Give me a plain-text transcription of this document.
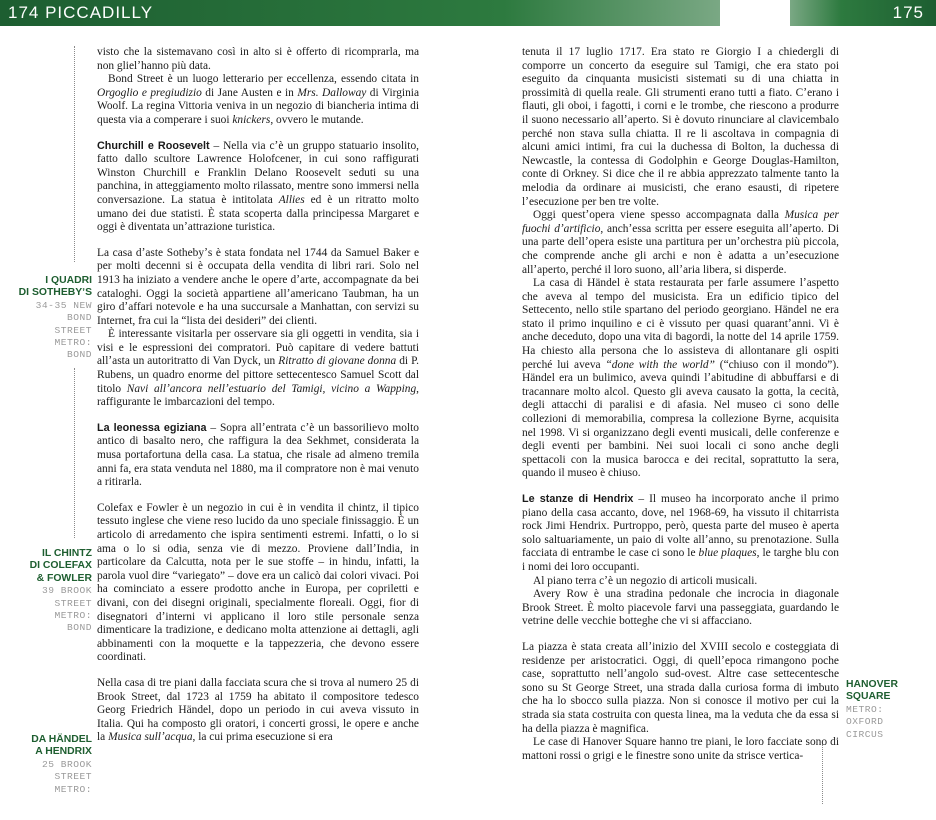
174 PICCADILLY	175
I QUADRI
DI SOTHEBYʼS
34-35 NEW
BOND
STREET
METRO:
BOND
IL CHINTZ
DI COLEFAX
& FOWLER
39 BROOK
STREET
METRO:
BOND
DA HÄNDEL
A HENDRIX
25 BROOK
STREET
METRO:
HANOVER
SQUARE
METRO:
OXFORD
CIRCUS

visto che la sistemavano così in alto si è offerto di ricomprarla, ma non glielʼhanno più data.

Bond Street è un luogo letterario per eccellenza, essendo citata in Orgoglio e pregiudizio di Jane Austen e in Mrs. Dalloway di Virginia Woolf. La regina Vittoria veniva in un negozio di biancheria intima di questa via a comperare i suoi knickers, ovvero le mutande.

Churchill e Roosevelt – Nella via cʼè un gruppo statuario insolito, fatto dallo scultore Lawrence Holofcener, in cui sono raffigurati Winston Churchill e Franklin Delano Roosevelt seduti su una panchina, in atteggiamento molto rilassato, mentre sono immersi nella conversazione. La statua è intitolata Allies ed è un ritratto molto umano dei due statisti. È stata scoperta dalla principessa Margaret e oggi è diventata unʼattrazione turistica.

La casa dʼaste Sothebyʼs è stata fondata nel 1744 da Samuel Baker e per molti decenni si è occupata della vendita di libri rari. Solo nel 1913 ha iniziato a vendere anche le opere dʼarte, accompagnate da bei cataloghi. Oggi la società appartiene allʼamericano Taubman, ha un giro dʼaffari notevole e ha una succursale a Manhattan, con servizi su Internet, fra cui la “lista dei desideri” dei clienti.

È interessante visitarla per osservare sia gli oggetti in vendita, sia i visi e le espressioni dei compratori. Può capitare di vedere battuti allʼasta un autoritratto di Van Dyck, un Ritratto di giovane donna di P. Rubens, un quadro enorme del pittore settecentesco Samuel Scott dal titolo Navi allʼancora nellʼestuario del Tamigi, vicino a Wapping, raffigurante le imbarcazioni del tempo.

La leonessa egiziana – Sopra allʼentrata cʼè un bassorilievo molto antico di basalto nero, che raffigura la dea Sekhmet, considerata la musa portafortuna della casa. La statua, che risale ad almeno tremila anni fa, era stata venduta nel 1880, ma il compratore non è mai venuto a ritirarla.

Colefax e Fowler è un negozio in cui è in vendita il chintz, il tipico tessuto inglese che viene reso lucido da uno speciale finissaggio. È un articolo di arredamento che ispira sentimenti estremi. Infatti, o lo si ama o lo si odia, senza vie di mezzo. Proviene dallʼIndia, in particolare da Calcutta, nota per le sue stoffe – in hindu, infatti, la parola vuol dire “variegato” – dove era un calicò dai colori vivaci. Poi ha cominciato a essere prodotto anche in Europa, per copriletti e divani, con dei disegni originali, specialmente floreali. Oggi, fior di disegnatori dʼinterni vi applicano il loro stile personale senza dimenticare la tradizione, e dedicano molta attenzione ai dettagli, agli abbinamenti con la moquette e la tappezzeria, che devono essere coordinati.

Nella casa di tre piani dalla facciata scura che si trova al numero 25 di Brook Street, dal 1723 al 1759 ha abitato il compositore tedesco Georg Friedrich Händel, dopo un periodo in cui aveva vissuto in Italia. Qui ha composto gli oratori, i concerti grossi, le opere e anche la Musica sullʼacqua, la cui prima esecuzione si era

tenuta il 17 luglio 1717. Era stato re Giorgio I a chiedergli di comporre un concerto da eseguire sul Tamigi, che era stato poi eseguito da cinquanta musicisti sistemati su di una chiatta in prossimità di quella reale. Gli strumenti erano tutti a fiato. Cʼerano i flauti, gli oboi, i fagotti, i corni e le trombe, che riescono a produrre il suono necessario allʼaperto. Si è dovuto rinunciare al clavicembalo perché non stava sulla chiatta. Il re li ascoltava in compagnia di alcuni amici intimi, fra cui la duchessa di Bolton, la duchessa di Newcastle, la contessa di Godolphin e George Douglas-Hamilton, conte di Orkney. Si dice che il re abbia apprezzato talmente tanto la melodia da ordinare ai musicisti, che erano esausti, di ripetere lʼesecuzione per ben tre volte.

Oggi questʼopera viene spesso accompagnata dalla Musica per fuochi dʼartificio, anchʼessa scritta per essere eseguita allʼaperto. Di una parte dellʼopera esiste una partitura per unʼorchestra più piccola, che comprende anche gli archi e non è adatta a unʼesecuzione allʼaperto, perché il loro suono, allʼaria libera, si disperde.

La casa di Händel è stata restaurata per farle assumere lʼaspetto che aveva al tempo del musicista. Era un edificio tipico del Settecento, nello stile spartano del periodo georgiano. Händel ne era stato il primo inquilino e ci è vissuto per quasi quarantʼanni. Vi è anche deceduto, dopo una vita di bagordi, la notte del 14 aprile 1759. Ha chiesto alla persona che lo assisteva di allontanare gli ospiti perché lui aveva “done with the world” (“chiuso con il mondo”). Händel era un bulimico, aveva quindi lʼabitudine di abbuffarsi e di tracannare molto alcol. Questo gli aveva causato la gotta, la cecità, degli attacchi di paralisi e di afasia. Nel museo ci sono delle collezioni di memorabilia, compresa la collezione Byrne, acquisita nel 1998. Vi si organizzano degli eventi musicali, delle conferenze e degli eventi per bambini. Nei suoi locali ci sono anche degli spettacoli con la musica barocca e dei recital, soprattutto la sera, quando il museo è chiuso.

Le stanze di Hendrix – Il museo ha incorporato anche il primo piano della casa accanto, dove, nel 1968-69, ha vissuto il chitarrista rock Jimi Hendrix. Purtroppo, però, questa parte del museo è aperta solo saltuariamente, un paio di volte allʼanno, su prenotazione. Sulla facciata di entrambe le case ci sono le blue plaques, le targhe blu con i nomi dei loro occupanti.

Al piano terra cʼè un negozio di articoli musicali.

Avery Row è una stradina pedonale che incrocia in diagonale Brook Street. È molto piacevole farvi una passeggiata, guardando le vetrine delle vecchie botteghe che vi si affacciano.

La piazza è stata creata allʼinizio del XVIII secolo e costeggiata di residenze per aristocratici. Oggi, di quellʼepoca rimangono poche case, soprattutto nellʼangolo sud-ovest. Altre case settecentesche sono su St George Street, una strada dalla curiosa forma di imbuto che ha lo sbocco sulla piazza. Non si conosce il motivo per cui la strada sia stata costruita con questa linea, ma la veduta che da essa si ha della piazza è magnifica.

Le case di Hanover Square hanno tre piani, le loro facciate sono di mattoni rossi o grigi e le finestre sono unite da strisce vertica-
